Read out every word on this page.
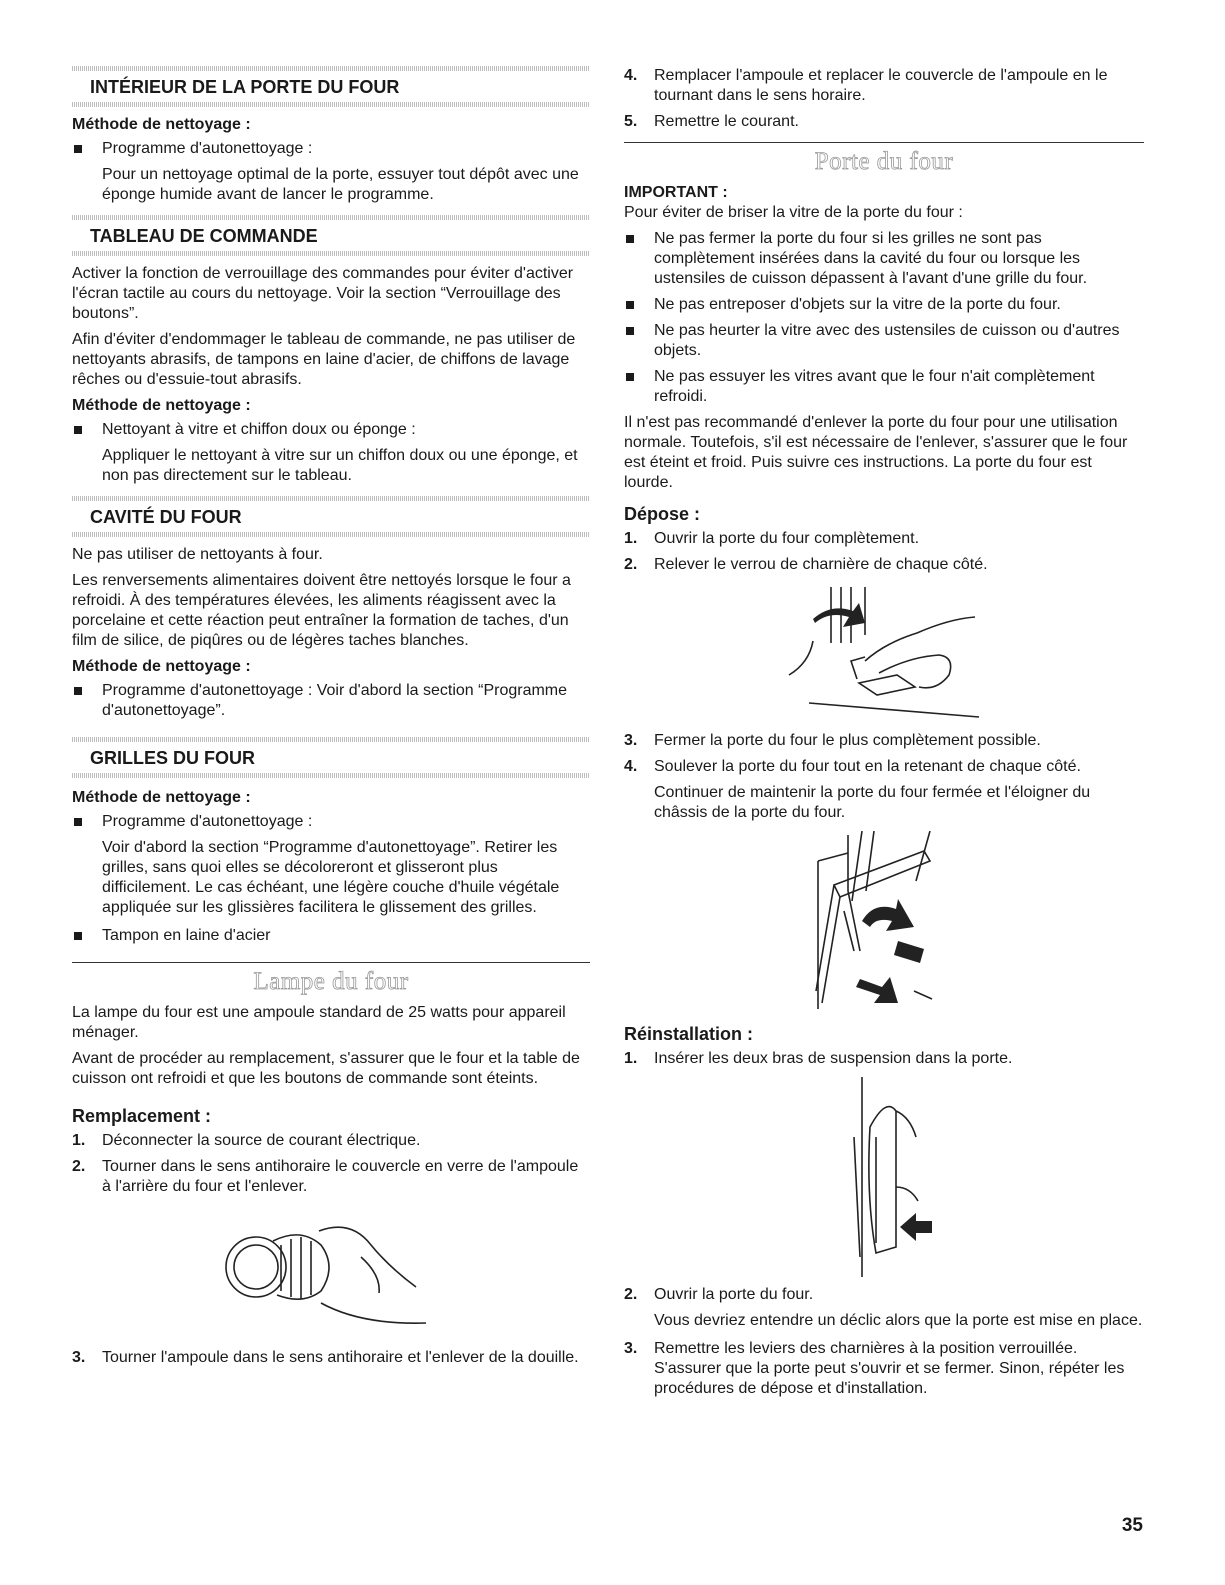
INTÉRIEUR DE LA PORTE DU FOUR
Méthode de nettoyage :
Programme d'autonettoyage :
Pour un nettoyage optimal de la porte, essuyer tout dépôt avec une éponge humide avant de lancer le programme.
TABLEAU DE COMMANDE

Activer la fonction de verrouillage des commandes pour éviter d'activer l'écran tactile au cours du nettoyage. Voir la section “Verrouillage des boutons”.

Afin d'éviter d'endommager le tableau de commande, ne pas utiliser de nettoyants abrasifs, de tampons en laine d'acier, de chiffons de lavage rêches ou d'essuie-tout abrasifs.

Méthode de nettoyage :
Nettoyant à vitre et chiffon doux ou éponge :
Appliquer le nettoyant à vitre sur un chiffon doux ou une éponge, et non pas directement sur le tableau.
CAVITÉ DU FOUR

Ne pas utiliser de nettoyants à four.

Les renversements alimentaires doivent être nettoyés lorsque le four a refroidi. À des températures élevées, les aliments réagissent avec la porcelaine et cette réaction peut entraîner la formation de taches, d'un film de silice, de piqûres ou de légères taches blanches.

Méthode de nettoyage :
Programme d'autonettoyage : Voir d'abord la section “Programme d'autonettoyage”.
GRILLES DU FOUR
Méthode de nettoyage :
Programme d'autonettoyage :
Voir d'abord la section “Programme d'autonettoyage”. Retirer les grilles, sans quoi elles se décoloreront et glisseront plus difficilement. Le cas échéant, une légère couche d'huile végétale appliquée sur les glissières facilitera le glissement des grilles.
Tampon en laine d'acier
Lampe du four

La lampe du four est une ampoule standard de 25 watts pour appareil ménager.

Avant de procéder au remplacement, s'assurer que le four et la table de cuisson ont refroidi et que les boutons de commande sont éteints.

Remplacement :
1. Déconnecter la source de courant électrique.
2. Tourner dans le sens antihoraire le couvercle en verre de l'ampoule à l'arrière du four et l'enlever.
3. Tourner l'ampoule dans le sens antihoraire et l'enlever de la douille.
4. Remplacer l'ampoule et replacer le couvercle de l'ampoule en le tournant dans le sens horaire.
5. Remettre le courant.
Porte du four
IMPORTANT :

Pour éviter de briser la vitre de la porte du four :

Ne pas fermer la porte du four si les grilles ne sont pas complètement insérées dans la cavité du four ou lorsque les ustensiles de cuisson dépassent à l'avant d'une grille du four.
Ne pas entreposer d'objets sur la vitre de la porte du four.
Ne pas heurter la vitre avec des ustensiles de cuisson ou d'autres objets.
Ne pas essuyer les vitres avant que le four n'ait complètement refroidi.

Il n'est pas recommandé d'enlever la porte du four pour une utilisation normale. Toutefois, s'il est nécessaire de l'enlever, s'assurer que le four est éteint et froid. Puis suivre ces instructions. La porte du four est lourde.

Dépose :
1. Ouvrir la porte du four complètement.
2. Relever le verrou de charnière de chaque côté.
3. Fermer la porte du four le plus complètement possible.
4. Soulever la porte du four tout en la retenant de chaque côté.
Continuer de maintenir la porte du four fermée et l'éloigner du châssis de la porte du four.
Réinstallation :
1. Insérer les deux bras de suspension dans la porte.
2. Ouvrir la porte du four.
Vous devriez entendre un déclic alors que la porte est mise en place.
3. Remettre les leviers des charnières à la position verrouillée. S'assurer que la porte peut s'ouvrir et se fermer. Sinon, répéter les procédures de dépose et d'installation.
35
